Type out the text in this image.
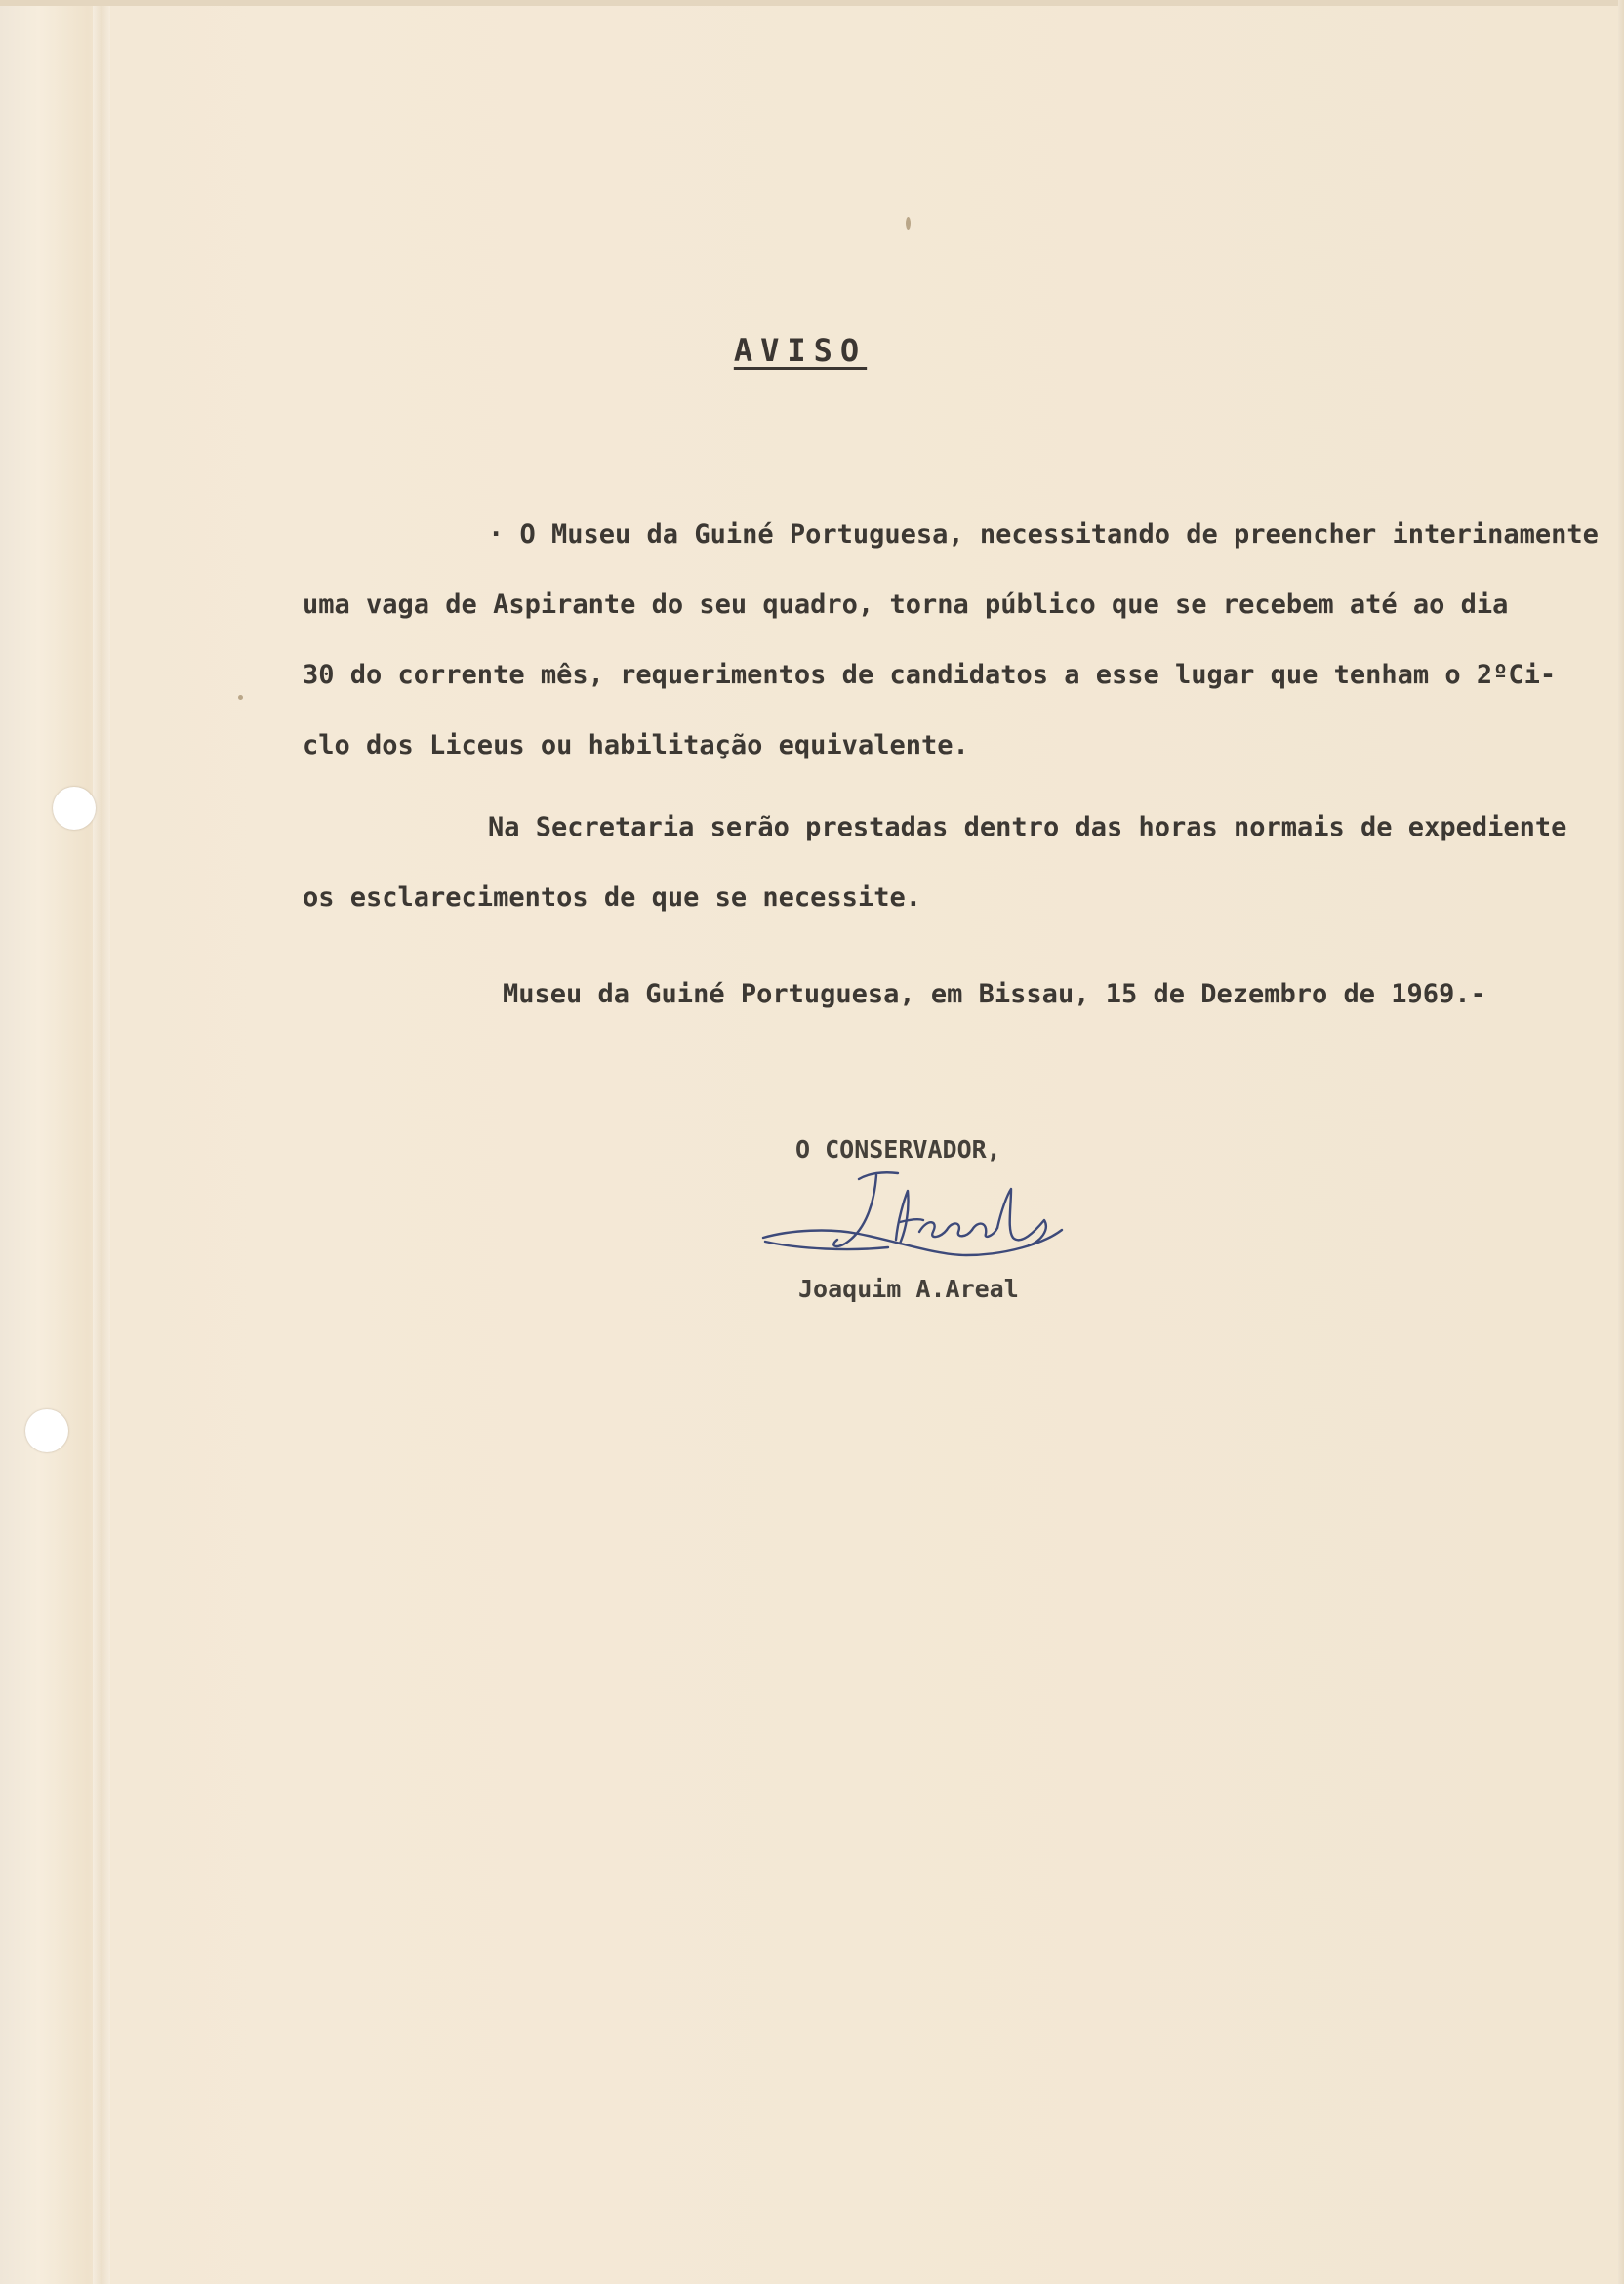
AVISO
· O Museu da Guiné Portuguesa, necessitando de preencher interinamente
uma vaga de Aspirante do seu quadro, torna público que se recebem até ao dia
30 do corrente mês, requerimentos de candidatos a esse lugar que tenham o 2ºCi-
clo dos Liceus ou habilitação equivalente.
Na Secretaria serão prestadas dentro das horas normais de expediente
os esclarecimentos de que se necessite.
Museu da Guiné Portuguesa, em Bissau, 15 de Dezembro de 1969.-
O CONSERVADOR,
Joaquim A.Areal
